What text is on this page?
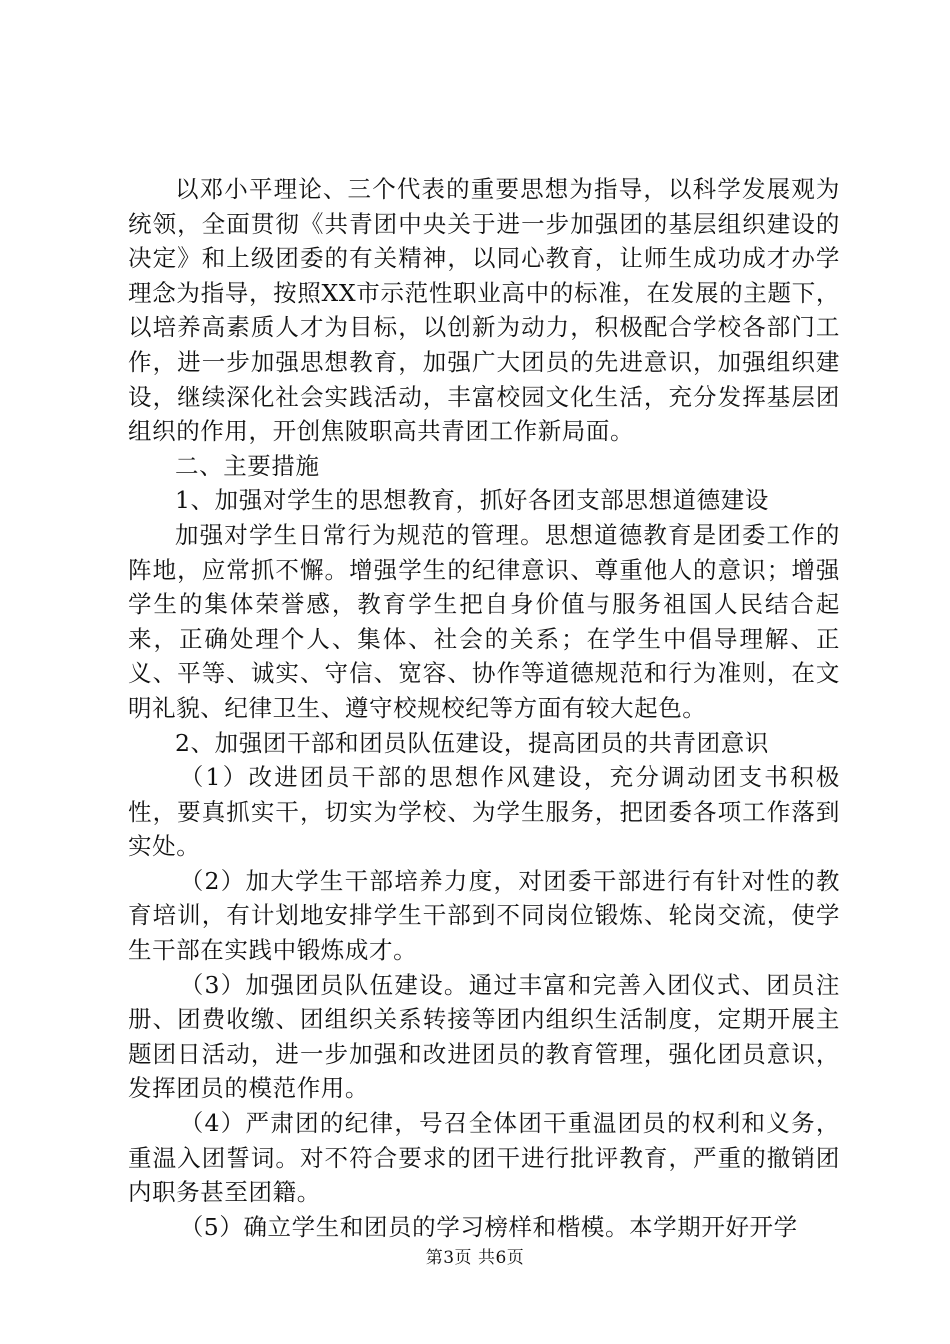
以邓小平理论、三个代表的重要思想为指导，以科学发展观为统领，全面贯彻《共青团中央关于进一步加强团的基层组织建设的决定》和上级团委的有关精神，以同心教育，让师生成功成才办学理念为指导，按照XX市示范性职业高中的标准，在发展的主题下，以培养高素质人才为目标，以创新为动力，积极配合学校各部门工作，进一步加强思想教育，加强广大团员的先进意识，加强组织建设，继续深化社会实践活动，丰富校园文化生活，充分发挥基层团组织的作用，开创焦陂职高共青团工作新局面。

二、主要措施

1、加强对学生的思想教育，抓好各团支部思想道德建设

加强对学生日常行为规范的管理。思想道德教育是团委工作的阵地，应常抓不懈。增强学生的纪律意识、尊重他人的意识；增强学生的集体荣誉感，教育学生把自身价值与服务祖国人民结合起来，正确处理个人、集体、社会的关系；在学生中倡导理解、正义、平等、诚实、守信、宽容、协作等道德规范和行为准则，在文明礼貌、纪律卫生、遵守校规校纪等方面有较大起色。

2、加强团干部和团员队伍建设，提高团员的共青团意识

（1）改进团员干部的思想作风建设，充分调动团支书积极性，要真抓实干，切实为学校、为学生服务，把团委各项工作落到实处。

（2）加大学生干部培养力度，对团委干部进行有针对性的教育培训，有计划地安排学生干部到不同岗位锻炼、轮岗交流，使学生干部在实践中锻炼成才。

（3）加强团员队伍建设。通过丰富和完善入团仪式、团员注册、团费收缴、团组织关系转接等团内组织生活制度，定期开展主题团日活动，进一步加强和改进团员的教育管理，强化团员意识，发挥团员的模范作用。

（4）严肃团的纪律，号召全体团干重温团员的权利和义务，重温入团誓词。对不符合要求的团干进行批评教育，严重的撤销团内职务甚至团籍。

（5）确立学生和团员的学习榜样和楷模。本学期开好开学

第3页 共6页
